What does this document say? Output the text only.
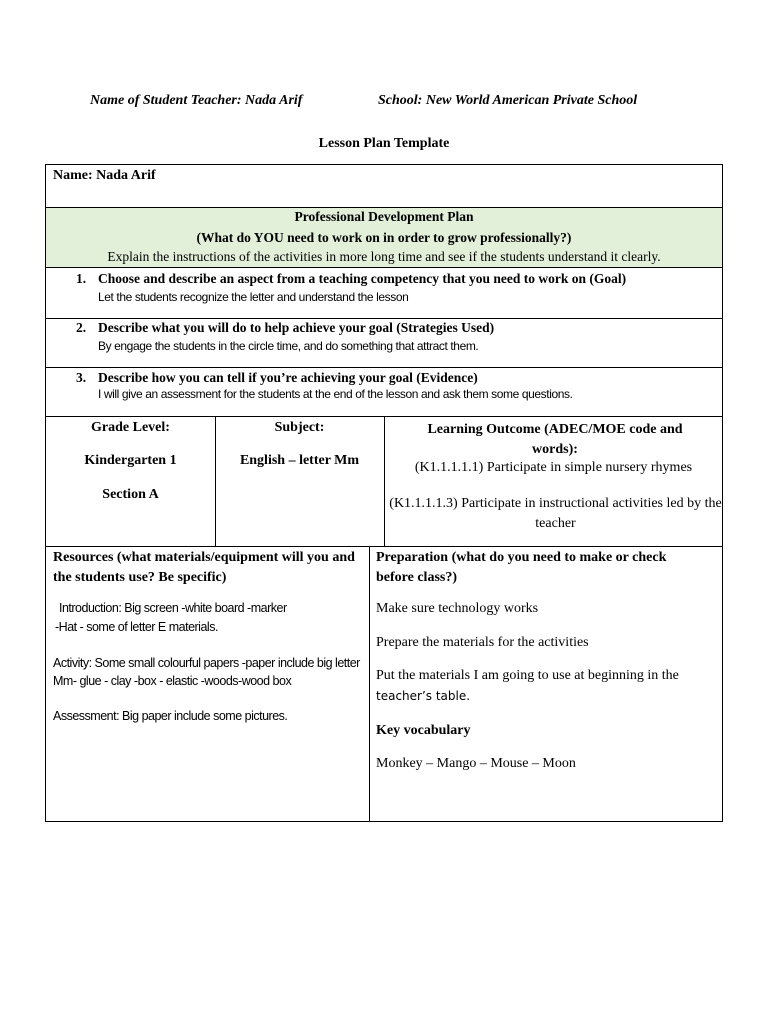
Name of Student Teacher: Nada Arif	School: New World American Private School
Lesson Plan Template
Name: Nada Arif
Professional Development Plan
(What do YOU need to work on in order to grow professionally?)
Explain the instructions of the activities in more long time and see if the students understand it clearly.
1. Choose and describe an aspect from a teaching competency that you need to work on (Goal)
Let the students recognize the letter and understand the lesson
2. Describe what you will do to help achieve your goal (Strategies Used)
By engage the students in the circle time, and do something that attract them.
3. Describe how you can tell if you’re achieving your goal (Evidence)
I will give an assessment for the students at the end of the lesson and ask them some questions.
Grade Level:
Kindergarten 1
Section A
Subject:
English – letter Mm
Learning Outcome (ADEC/MOE code and words):
(K1.1.1.1.1) Participate in simple nursery rhymes
(K1.1.1.1.3) Participate in instructional activities led by the teacher
Resources (what materials/equipment will you and the students use? Be specific)
Introduction: Big screen -white board -marker
-Hat - some of letter E materials.
Activity: Some small colourful papers -paper include big letter Mm- glue - clay -box - elastic -woods-wood box
Assessment: Big paper include some pictures.
Preparation (what do you need to make or check before class?)
Make sure technology works
Prepare the materials for the activities
Put the materials I am going to use at beginning in the
teacher’s table.
Key vocabulary
Monkey – Mango – Mouse – Moon
